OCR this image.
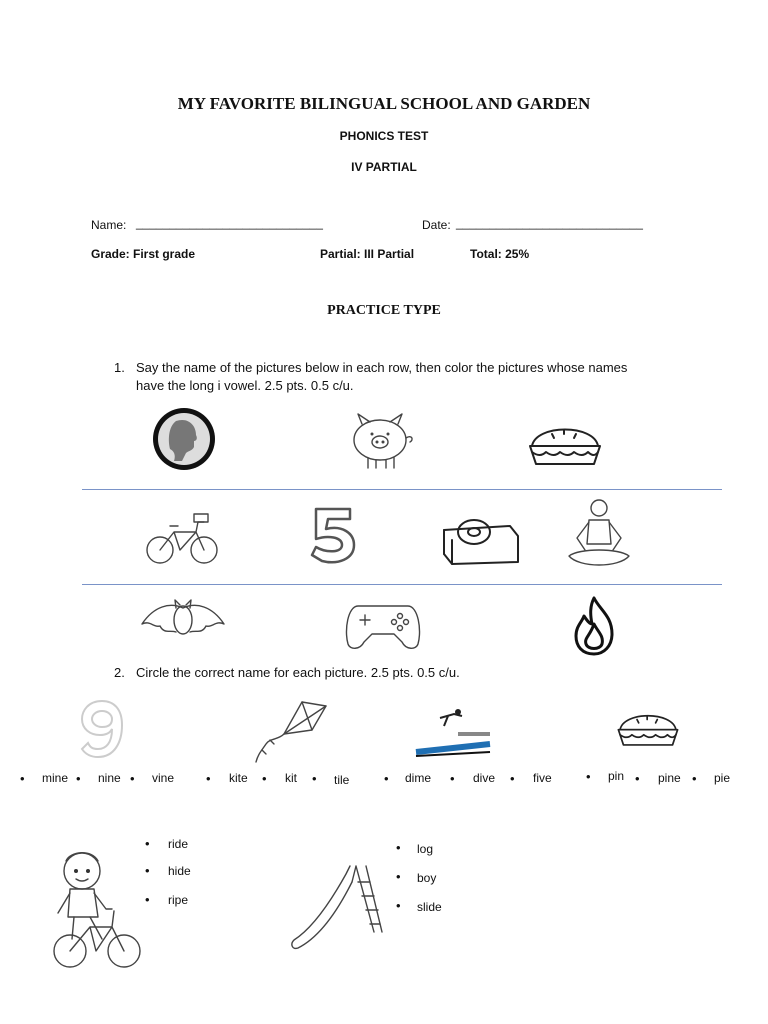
MY FAVORITE BILINGUAL SCHOOL AND GARDEN
PHONICS TEST
IV PARTIAL
Name: ____________________________	Date: ____________________________
Grade: First grade	Partial: III Partial	Total: 25%
PRACTICE TYPE
1. Say the name of the pictures below in each row, then color the pictures whose names
have the long i vowel. 2.5 pts. 0.5 c/u.
2. Circle the correct name for each picture. 2.5 pts. 0.5 c/u.
• mine • nine • vine • kite • kit • tile	• dime • dive • five	• pin • pine • pie
• ride
• hide
• ripe
• log
• boy
• slide
